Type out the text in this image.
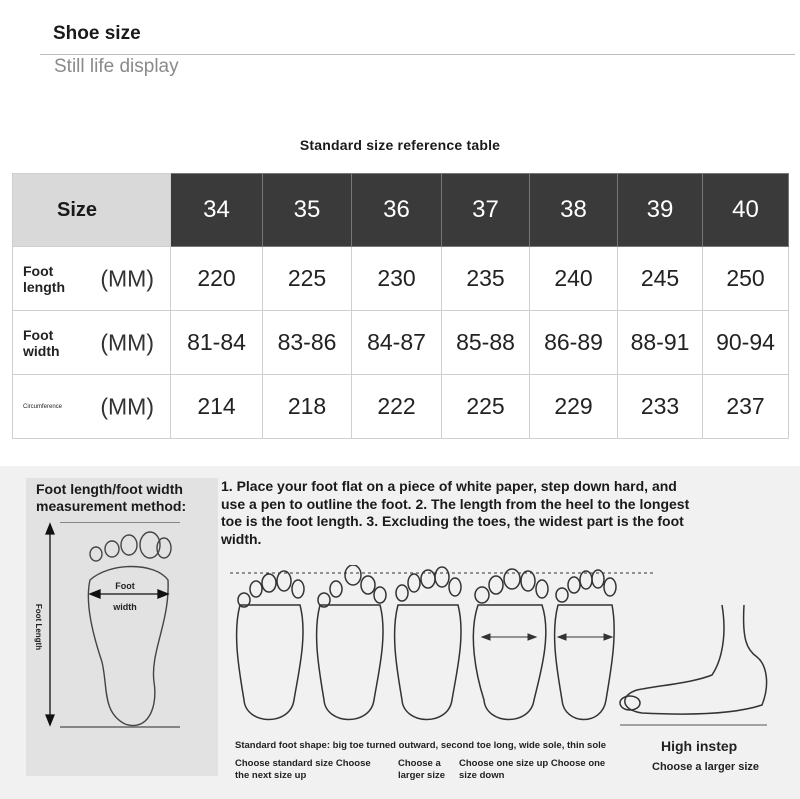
Shoe size
Still life display
Standard size reference table
Size	34	35	36	37	38	39	40

Foot length (MM)	220	225	230	235	240	245	250

Foot width (MM)	81-84	83-86	84-87	85-88	86-89	88-91	90-94

Circumference (MM)	214	218	222	225	229	233	237
Foot length/foot width measurement method:
1. Place your foot flat on a piece of white paper, step down hard, and use a pen to outline the foot. 2. The length from the heel to the longest toe is the foot length. 3. Excluding the toes, the widest part is the foot width.
Foot Length
Foot
width
Standard foot shape: big toe turned outward, second toe long, wide sole, thin sole
Choose standard size Choose the next size up
Choose a larger size
Choose one size up Choose one size down
High instep
Choose a larger size
